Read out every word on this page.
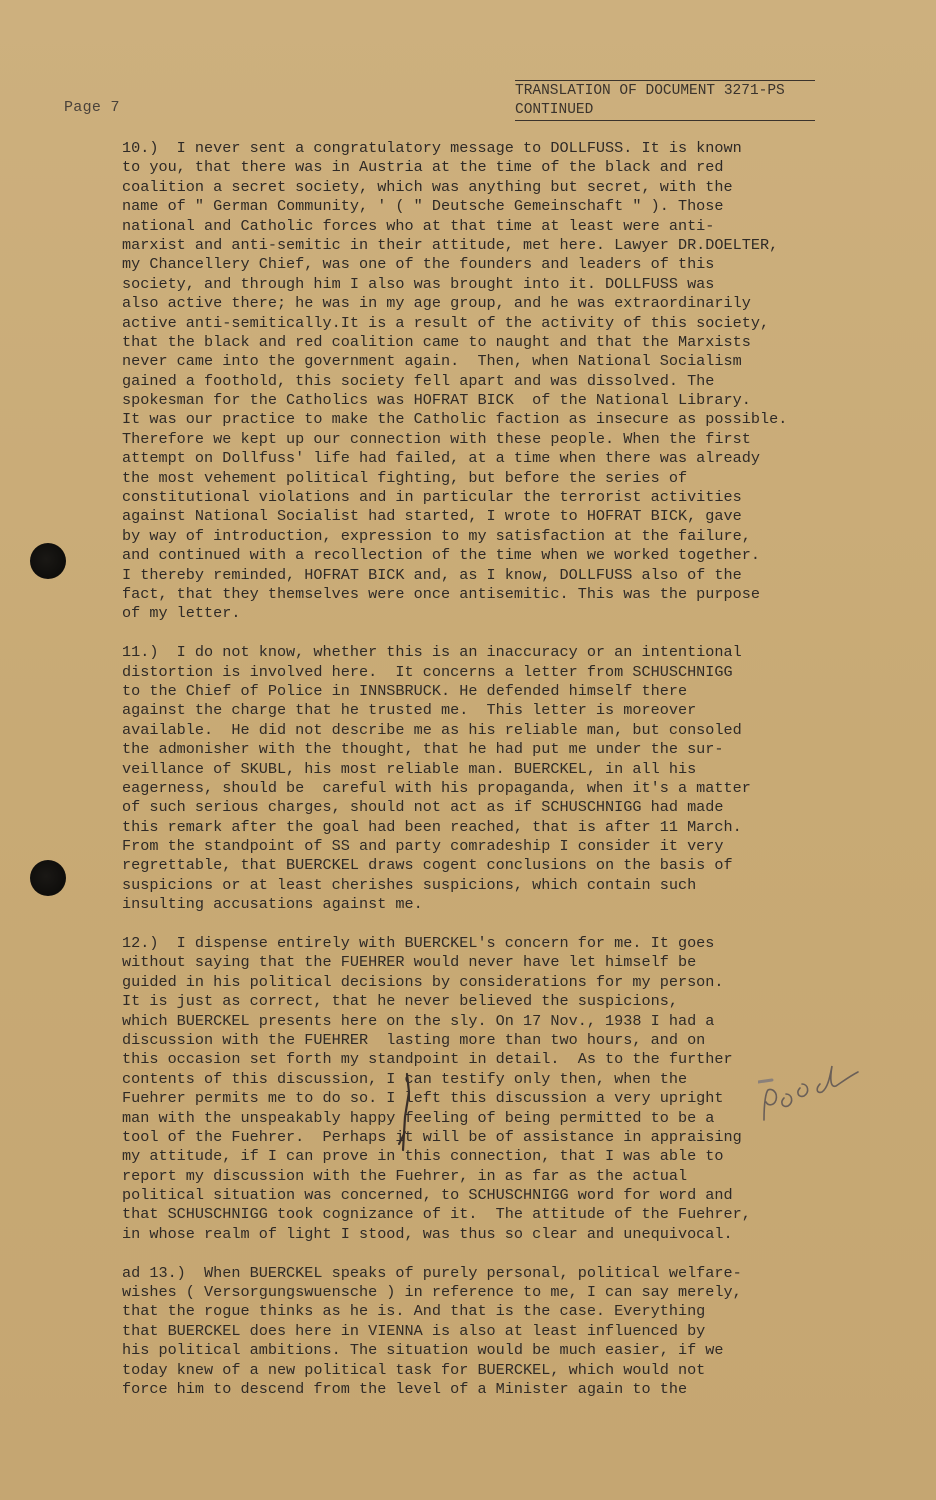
Page 7
TRANSLATION OF DOCUMENT 3271-PS
CONTINUED
10.)  I never sent a congratulatory message to DOLLFUSS. It is known
to you, that there was in Austria at the time of the black and red
coalition a secret society, which was anything but secret, with the
name of " German Community, ' ( " Deutsche Gemeinschaft " ). Those
national and Catholic forces who at that time at least were anti-
marxist and anti-semitic in their attitude, met here. Lawyer DR.DOELTER,
my Chancellery Chief, was one of the founders and leaders of this
society, and through him I also was brought into it. DOLLFUSS was
also active there; he was in my age group, and he was extraordinarily
active anti-semitically.It is a result of the activity of this society,
that the black and red coalition came to naught and that the Marxists
never came into the government again.  Then, when National Socialism
gained a foothold, this society fell apart and was dissolved. The
spokesman for the Catholics was HOFRAT BICK  of the National Library.
It was our practice to make the Catholic faction as insecure as possible.
Therefore we kept up our connection with these people. When the first
attempt on Dollfuss' life had failed, at a time when there was already
the most vehement political fighting, but before the series of
constitutional violations and in particular the terrorist activities
against National Socialist had started, I wrote to HOFRAT BICK, gave
by way of introduction, expression to my satisfaction at the failure,
and continued with a recollection of the time when we worked together.
I thereby reminded, HOFRAT BICK and, as I know, DOLLFUSS also of the
fact, that they themselves were once antisemitic. This was the purpose
of my letter.
11.)  I do not know, whether this is an inaccuracy or an intentional
distortion is involved here.  It concerns a letter from SCHUSCHNIGG
to the Chief of Police in INNSBRUCK. He defended himself there
against the charge that he trusted me.  This letter is moreover
available.  He did not describe me as his reliable man, but consoled
the admonisher with the thought, that he had put me under the sur-
veillance of SKUBL, his most reliable man. BUERCKEL, in all his
eagerness, should be  careful with his propaganda, when it's a matter
of such serious charges, should not act as if SCHUSCHNIGG had made
this remark after the goal had been reached, that is after 11 March.
From the standpoint of SS and party comradeship I consider it very
regrettable, that BUERCKEL draws cogent conclusions on the basis of
suspicions or at least cherishes suspicions, which contain such
insulting accusations against me.
12.)  I dispense entirely with BUERCKEL's concern for me. It goes
without saying that the FUEHRER would never have let himself be
guided in his political decisions by considerations for my person.
It is just as correct, that he never believed the suspicions,
which BUERCKEL presents here on the sly. On 17 Nov., 1938 I had a
discussion with the FUEHRER  lasting more than two hours, and on
this occasion set forth my standpoint in detail.  As to the further
contents of this discussion, I can testify only then, when the
Fuehrer permits me to do so. I left this discussion a very upright
man with the unspeakably happy feeling of being permitted to be a
tool of the Fuehrer.  Perhaps it will be of assistance in appraising
my attitude, if I can prove in this connection, that I was able to
report my discussion with the Fuehrer, in as far as the actual
political situation was concerned, to SCHUSCHNIGG word for word and
that SCHUSCHNIGG took cognizance of it.  The attitude of the Fuehrer,
in whose realm of light I stood, was thus so clear and unequivocal.
ad 13.)  When BUERCKEL speaks of purely personal, political welfare-
wishes ( Versorgungswuensche ) in reference to me, I can say merely,
that the rogue thinks as he is. And that is the case. Everything
that BUERCKEL does here in VIENNA is also at least influenced by
his political ambitions. The situation would be much easier, if we
today knew of a new political task for BUERCKEL, which would not
force him to descend from the level of a Minister again to the
